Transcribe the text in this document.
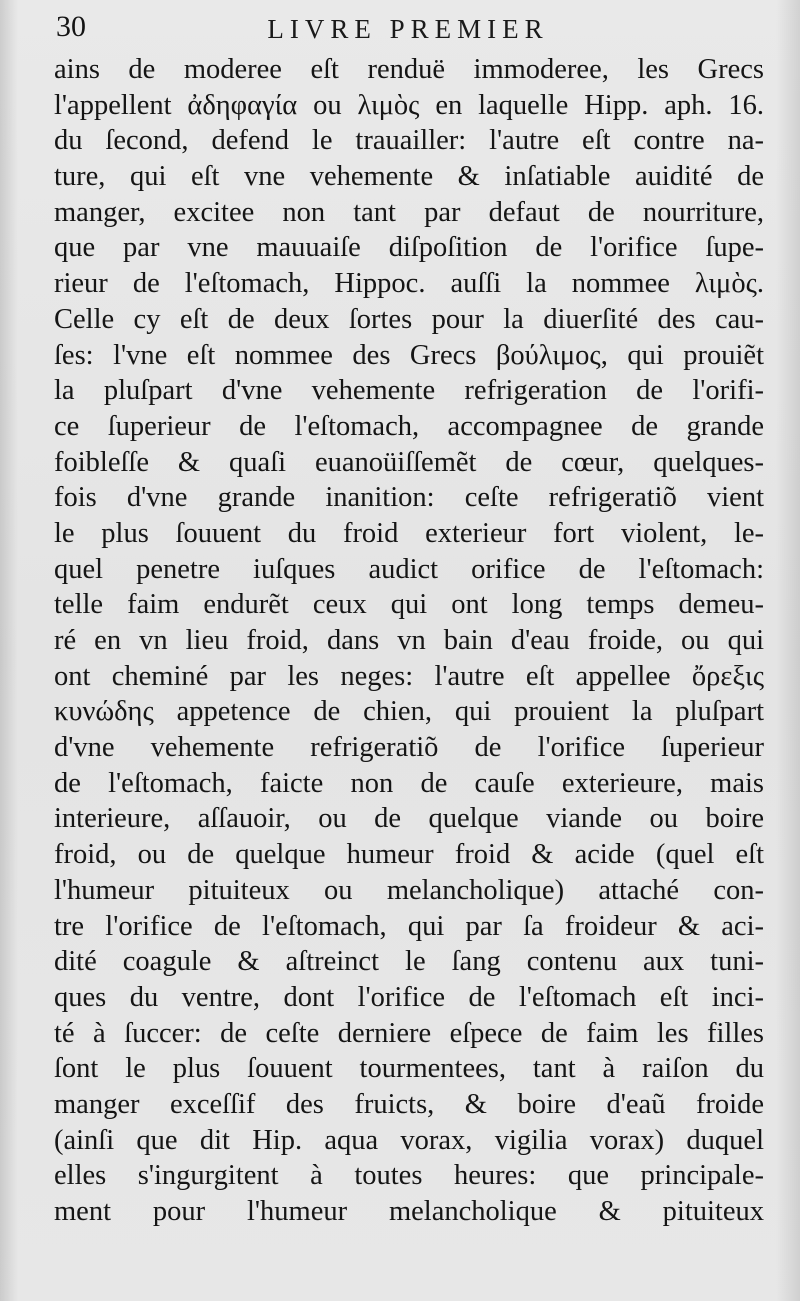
30	LIVRE PREMIER
ains de moderee eſt renduë immoderee, les Grecs
l'appellent ἀδηφαγία ou λιμὸς en laquelle Hipp. aph. 16.
du ſecond, defend le trauailler: l'autre eſt contre na-
ture, qui eſt vne vehemente & inſatiable auidité de
manger, excitee non tant par defaut de nourriture,
que par vne mauuaiſe diſpoſition de l'orifice ſupe-
rieur de l'eſtomach, Hippoc. auſſi la nommee λιμὸς.
Celle cy eſt de deux ſortes pour la diuerſité des cau-
ſes: l'vne eſt nommee des Grecs βούλιμος, qui prouiẽt
la pluſpart d'vne vehemente refrigeration de l'orifi-
ce ſuperieur de l'eſtomach, accompagnee de grande
foibleſſe & quaſi euanoüiſſemẽt de cœur, quelques-
fois d'vne grande inanition: ceſte refrigeratiõ vient
le plus ſouuent du froid exterieur fort violent, le-
quel penetre iuſques audict orifice de l'eſtomach:
telle faim endurẽt ceux qui ont long temps demeu-
ré en vn lieu froid, dans vn bain d'eau froide, ou qui
ont cheminé par les neges: l'autre eſt appellee ὄρεξις
κυνώδης appetence de chien, qui prouient la pluſpart
d'vne vehemente refrigeratiõ de l'orifice ſuperieur
de l'eſtomach, faicte non de cauſe exterieure, mais
interieure, aſſauoir, ou de quelque viande ou boire
froid, ou de quelque humeur froid & acide (quel eſt
l'humeur pituiteux ou melancholique) attaché con-
tre l'orifice de l'eſtomach, qui par ſa froideur & aci-
dité coagule & aſtreinct le ſang contenu aux tuni-
ques du ventre, dont l'orifice de l'eſtomach eſt inci-
té à ſuccer: de ceſte derniere eſpece de faim les filles
ſont le plus ſouuent tourmentees, tant à raiſon du
manger exceſſif des fruicts, & boire d'eaũ froide
(ainſi que dit Hip. aqua vorax, vigilia vorax) duquel
elles s'ingurgitent à toutes heures: que principale-
ment pour l'humeur melancholique & pituiteux
